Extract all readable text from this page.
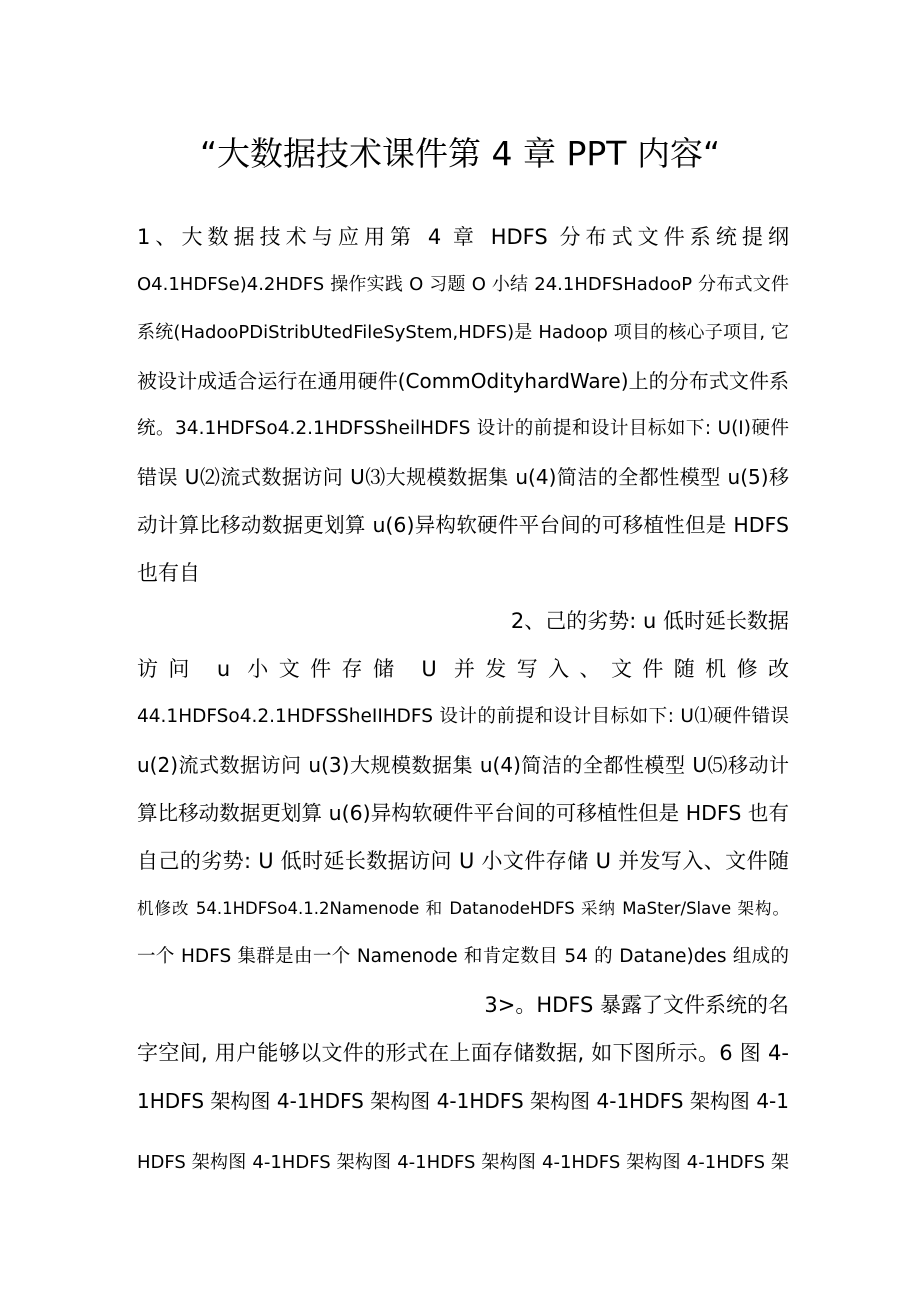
“大数据技术课件第 4 章 PPT 内容“
1、大数据技术与应用第 4 章 HDFS 分布式文件系统提纲
O4.1HDFSe)4.2HDFS 操作实践 O 习题 O 小结 24.1HDFSHadooP 分布式文件
系统(HadooPDiStribUtedFileSyStem,HDFS)是 Hadoop 项目的核心子项目, 它
被设计成适合运行在通用硬件(CommOdityhardWare)上的分布式文件系
统。34.1HDFSo4.2.1HDFSSheilHDFS 设计的前提和设计目标如下: U(I)硬件
错误 U⑵流式数据访问 U⑶大规模数据集 u(4)简洁的全都性模型 u(5)移
动计算比移动数据更划算 u(6)异构软硬件平台间的可移植性但是 HDFS
也有自
2、己的劣势: u 低时延长数据
访问 u 小文件存储 U 并发写入、文件随机修改
44.1HDFSo4.2.1HDFSSheIIHDFS 设计的前提和设计目标如下: U⑴硬件错误
u(2)流式数据访问 u(3)大规模数据集 u(4)简洁的全都性模型 U⑸移动计
算比移动数据更划算 u(6)异构软硬件平台间的可移植性但是 HDFS 也有
自己的劣势: U 低时延长数据访问 U 小文件存储 U 并发写入、文件随
机修改 54.1HDFSo4.1.2Namenode 和 DatanodeHDFS 采纳 MaSter/Slave 架构。
一个 HDFS 集群是由一个 Namenode 和肯定数目 54 的 Datane)des 组成的
3>。HDFS 暴露了文件系统的名
字空间, 用户能够以文件的形式在上面存储数据, 如下图所示。6 图 4-
1HDFS 架构图 4-1HDFS 架构图 4-1HDFS 架构图 4-1HDFS 架构图 4-1
HDFS 架构图 4-1HDFS 架构图 4-1HDFS 架构图 4-1HDFS 架构图 4-1HDFS 架
